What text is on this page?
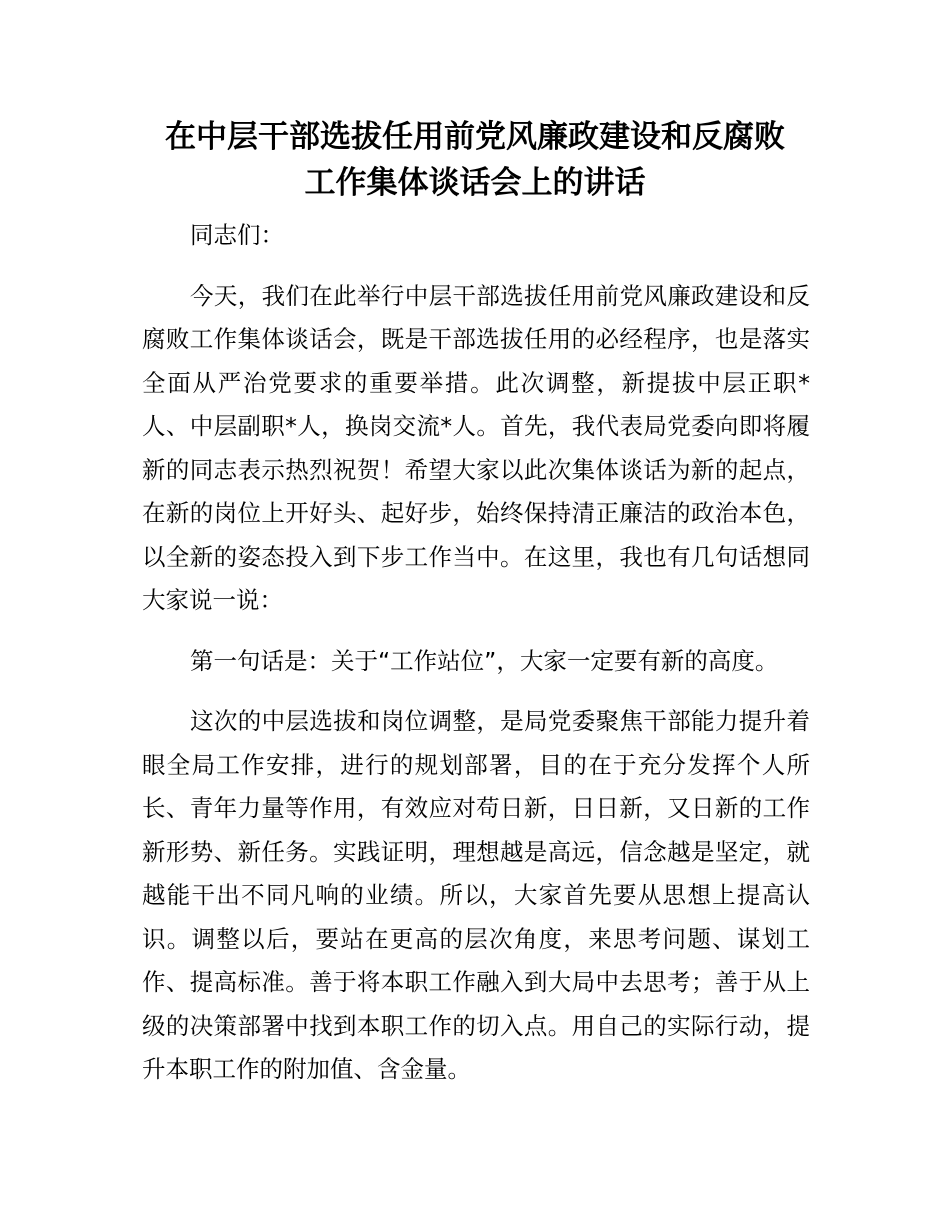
在中层干部选拔任用前党风廉政建设和反腐败
工作集体谈话会上的讲话

同志们：

今天，我们在此举行中层干部选拔任用前党风廉政建设和反腐败工作集体谈话会，既是干部选拔任用的必经程序，也是落实全面从严治党要求的重要举措。此次调整，新提拔中层正职*人、中层副职*人，换岗交流*人。首先，我代表局党委向即将履新的同志表示热烈祝贺！希望大家以此次集体谈话为新的起点，在新的岗位上开好头、起好步，始终保持清正廉洁的政治本色，以全新的姿态投入到下步工作当中。在这里，我也有几句话想同大家说一说：

第一句话是：关于“工作站位”，大家一定要有新的高度。

这次的中层选拔和岗位调整，是局党委聚焦干部能力提升着眼全局工作安排，进行的规划部署，目的在于充分发挥个人所长、青年力量等作用，有效应对苟日新，日日新，又日新的工作新形势、新任务。实践证明，理想越是高远，信念越是坚定，就越能干出不同凡响的业绩。所以，大家首先要从思想上提高认识。调整以后，要站在更高的层次角度，来思考问题、谋划工作、提高标准。善于将本职工作融入到大局中去思考；善于从上级的决策部署中找到本职工作的切入点。用自己的实际行动，提升本职工作的附加值、含金量。
